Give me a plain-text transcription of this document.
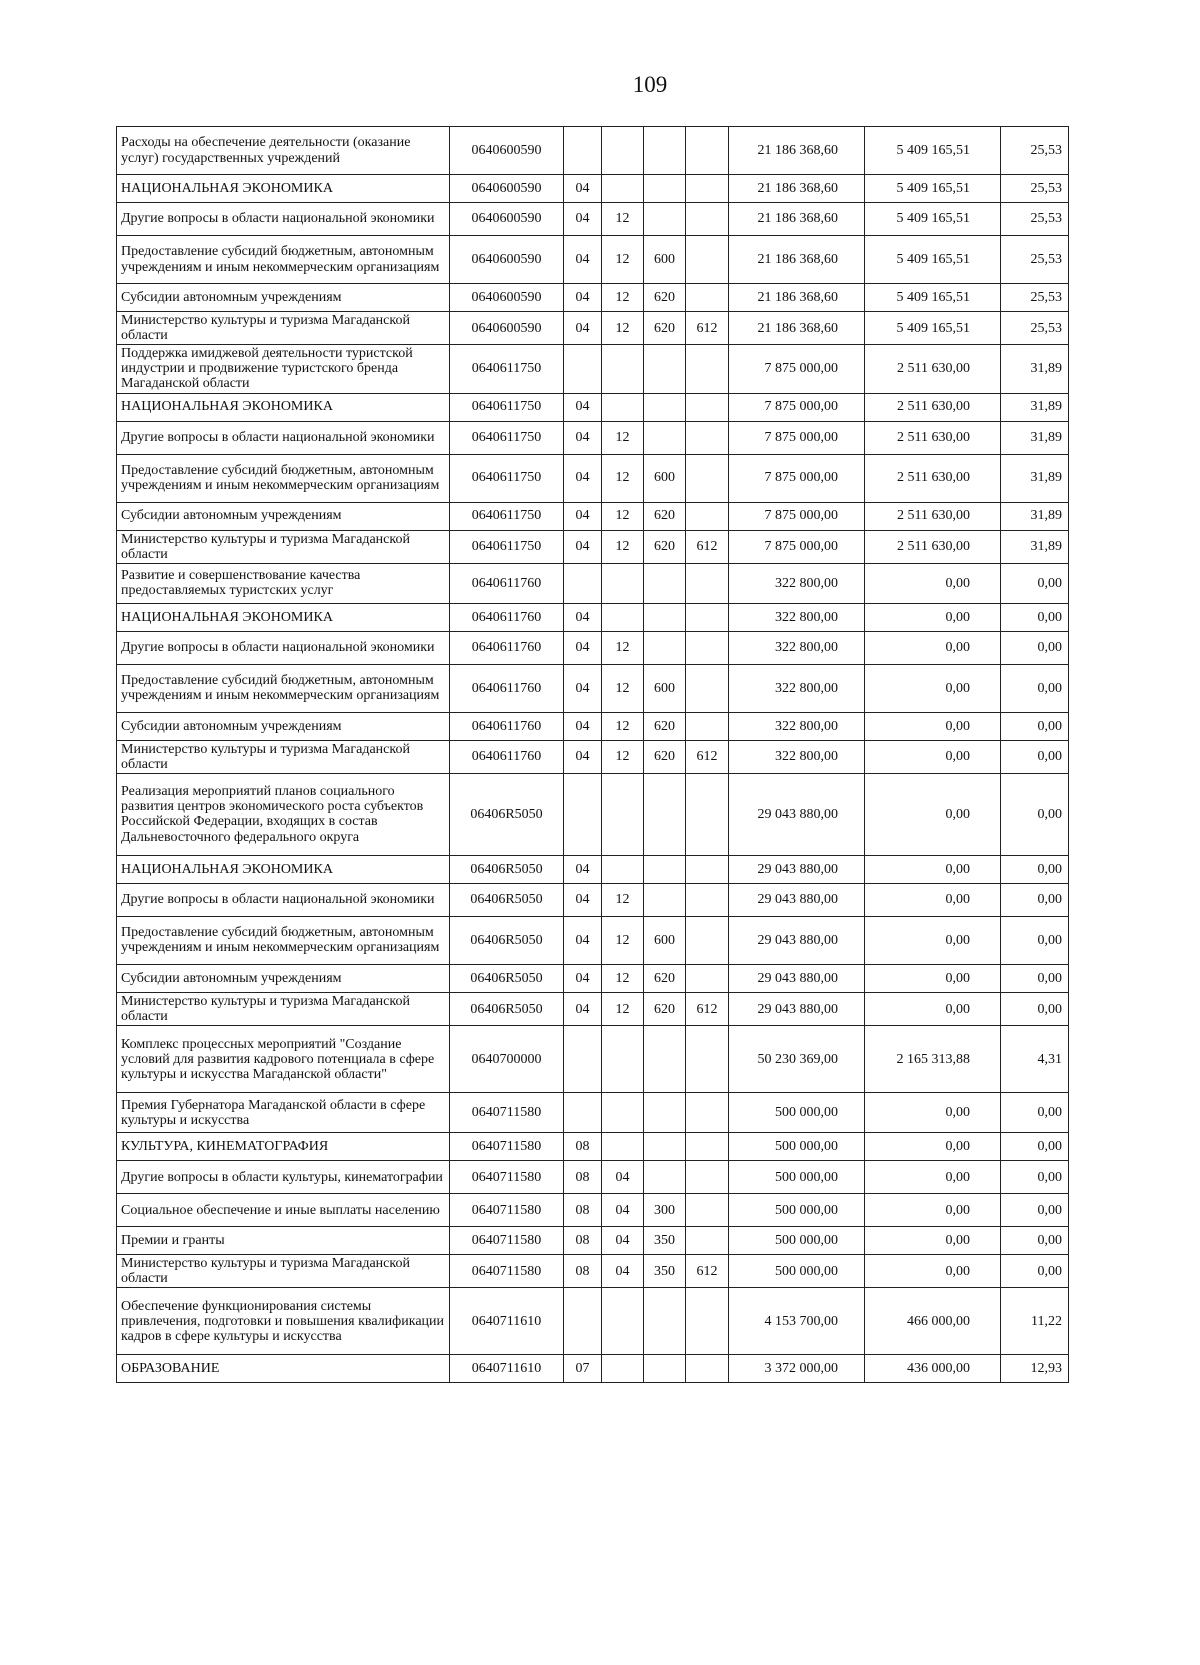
109
Расходы на обеспечение деятельности (оказание услуг) государственных учреждений	0640600590					21 186 368,60	5 409 165,51	25,53
НАЦИОНАЛЬНАЯ ЭКОНОМИКА	0640600590	04				21 186 368,60	5 409 165,51	25,53
Другие вопросы в области национальной экономики	0640600590	04	12			21 186 368,60	5 409 165,51	25,53
Предоставление субсидий бюджетным, автономным учреждениям и иным некоммерческим организациям	0640600590	04	12	600		21 186 368,60	5 409 165,51	25,53
Субсидии автономным учреждениям	0640600590	04	12	620		21 186 368,60	5 409 165,51	25,53
Министерство культуры и туризма Магаданской области	0640600590	04	12	620	612	21 186 368,60	5 409 165,51	25,53
Поддержка имиджевой деятельности туристской индустрии и продвижение туристского бренда Магаданской области	0640611750					7 875 000,00	2 511 630,00	31,89
НАЦИОНАЛЬНАЯ ЭКОНОМИКА	0640611750	04				7 875 000,00	2 511 630,00	31,89
Другие вопросы в области национальной экономики	0640611750	04	12			7 875 000,00	2 511 630,00	31,89
Предоставление субсидий бюджетным, автономным учреждениям и иным некоммерческим организациям	0640611750	04	12	600		7 875 000,00	2 511 630,00	31,89
Субсидии автономным учреждениям	0640611750	04	12	620		7 875 000,00	2 511 630,00	31,89
Министерство культуры и туризма Магаданской области	0640611750	04	12	620	612	7 875 000,00	2 511 630,00	31,89
Развитие и совершенствование качества предоставляемых туристских услуг	0640611760					322 800,00	0,00	0,00
НАЦИОНАЛЬНАЯ ЭКОНОМИКА	0640611760	04				322 800,00	0,00	0,00
Другие вопросы в области национальной экономики	0640611760	04	12			322 800,00	0,00	0,00
Предоставление субсидий бюджетным, автономным учреждениям и иным некоммерческим организациям	0640611760	04	12	600		322 800,00	0,00	0,00
Субсидии автономным учреждениям	0640611760	04	12	620		322 800,00	0,00	0,00
Министерство культуры и туризма Магаданской области	0640611760	04	12	620	612	322 800,00	0,00	0,00
Реализация мероприятий планов социального развития центров экономического роста субъектов Российской Федерации, входящих в состав Дальневосточного федерального округа	06406R5050					29 043 880,00	0,00	0,00
НАЦИОНАЛЬНАЯ ЭКОНОМИКА	06406R5050	04				29 043 880,00	0,00	0,00
Другие вопросы в области национальной экономики	06406R5050	04	12			29 043 880,00	0,00	0,00
Предоставление субсидий бюджетным, автономным учреждениям и иным некоммерческим организациям	06406R5050	04	12	600		29 043 880,00	0,00	0,00
Субсидии автономным учреждениям	06406R5050	04	12	620		29 043 880,00	0,00	0,00
Министерство культуры и туризма Магаданской области	06406R5050	04	12	620	612	29 043 880,00	0,00	0,00
Комплекс процессных мероприятий "Создание условий для развития кадрового потенциала в сфере культуры и искусства Магаданской области"	0640700000					50 230 369,00	2 165 313,88	4,31
Премия Губернатора Магаданской области в сфере культуры и искусства	0640711580					500 000,00	0,00	0,00
КУЛЬТУРА, КИНЕМАТОГРАФИЯ	0640711580	08				500 000,00	0,00	0,00
Другие вопросы в области культуры, кинематографии	0640711580	08	04			500 000,00	0,00	0,00
Социальное обеспечение и иные выплаты населению	0640711580	08	04	300		500 000,00	0,00	0,00
Премии и гранты	0640711580	08	04	350		500 000,00	0,00	0,00
Министерство культуры и туризма Магаданской области	0640711580	08	04	350	612	500 000,00	0,00	0,00
Обеспечение функционирования системы привлечения, подготовки и повышения квалификации кадров в сфере культуры и искусства	0640711610					4 153 700,00	466 000,00	11,22
ОБРАЗОВАНИЕ	0640711610	07				3 372 000,00	436 000,00	12,93
